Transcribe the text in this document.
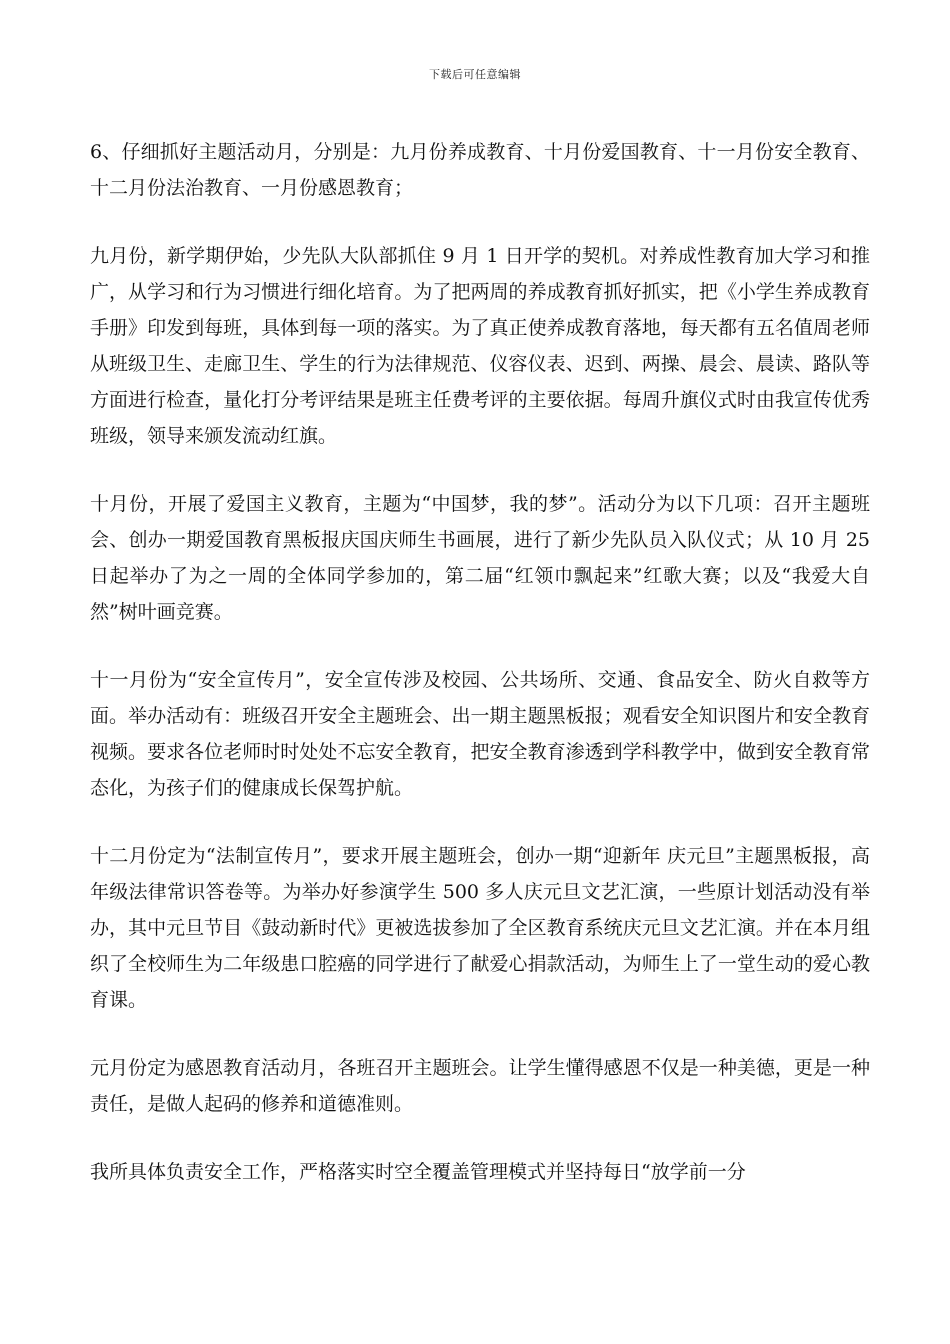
下载后可任意编辑

6、仔细抓好主题活动月，分别是：九月份养成教育、十月份爱国教育、十一月份安全教育、十二月份法治教育、一月份感恩教育；

九月份，新学期伊始，少先队大队部抓住 9 月 1 日开学的契机。对养成性教育加大学习和推广，从学习和行为习惯进行细化培育。为了把两周的养成教育抓好抓实，把《小学生养成教育手册》印发到每班，具体到每一项的落实。为了真正使养成教育落地，每天都有五名值周老师从班级卫生、走廊卫生、学生的行为法律规范、仪容仪表、迟到、两操、晨会、晨读、路队等方面进行检查，量化打分考评结果是班主任费考评的主要依据。每周升旗仪式时由我宣传优秀班级，领导来颁发流动红旗。

十月份，开展了爱国主义教育，主题为“中国梦，我的梦”。活动分为以下几项：召开主题班会、创办一期爱国教育黑板报庆国庆师生书画展，进行了新少先队员入队仪式；从 10 月 25 日起举办了为之一周的全体同学参加的，第二届“红领巾飘起来”红歌大赛；以及“我爱大自然”树叶画竞赛。

十一月份为“安全宣传月”，安全宣传涉及校园、公共场所、交通、食品安全、防火自救等方面。举办活动有：班级召开安全主题班会、出一期主题黑板报；观看安全知识图片和安全教育视频。要求各位老师时时处处不忘安全教育，把安全教育渗透到学科教学中，做到安全教育常态化，为孩子们的健康成长保驾护航。

十二月份定为“法制宣传月”，要求开展主题班会，创办一期“迎新年 庆元旦”主题黑板报，高年级法律常识答卷等。为举办好参演学生 500 多人庆元旦文艺汇演，一些原计划活动没有举办，其中元旦节目《鼓动新时代》更被选拔参加了全区教育系统庆元旦文艺汇演。并在本月组织了全校师生为二年级患口腔癌的同学进行了献爱心捐款活动，为师生上了一堂生动的爱心教育课。

元月份定为感恩教育活动月，各班召开主题班会。让学生懂得感恩不仅是一种美德，更是一种责任，是做人起码的修养和道德准则。

我所具体负责安全工作，严格落实时空全覆盖管理模式并坚持每日“放学前一分
